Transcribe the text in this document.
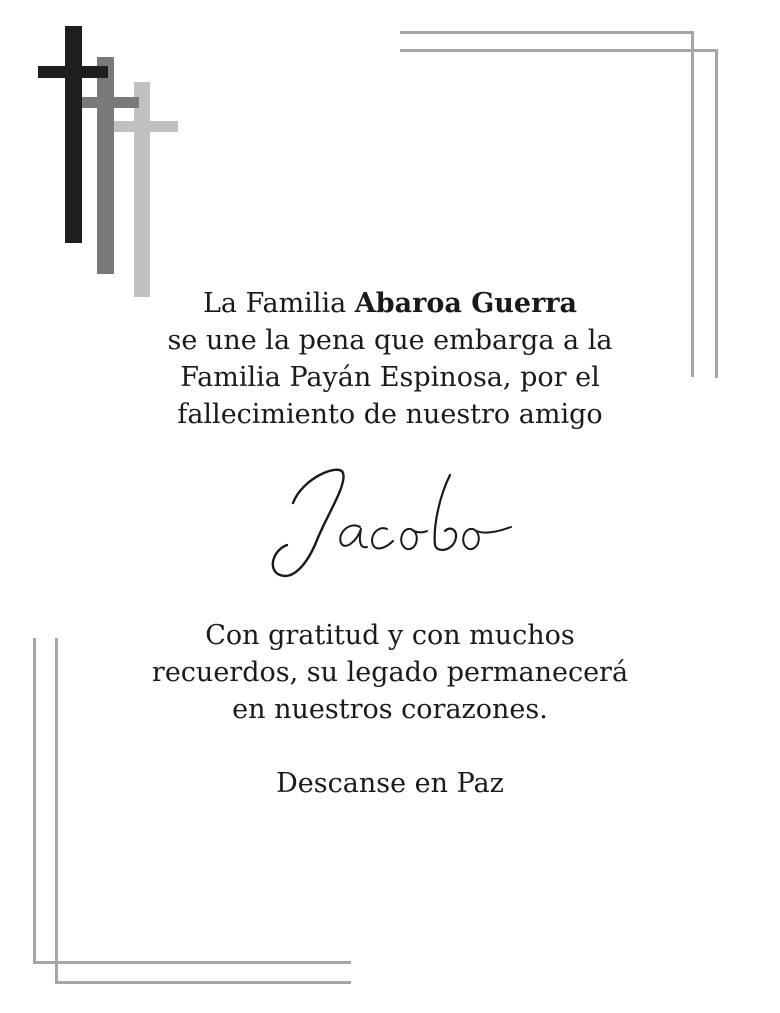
La Familia Abaroa Guerra
se une la pena que embarga a la
Familia Payán Espinosa, por el
fallecimiento de nuestro amigo
Con gratitud y con muchos
recuerdos, su legado permanecerá
en nuestros corazones.
Descanse en Paz
